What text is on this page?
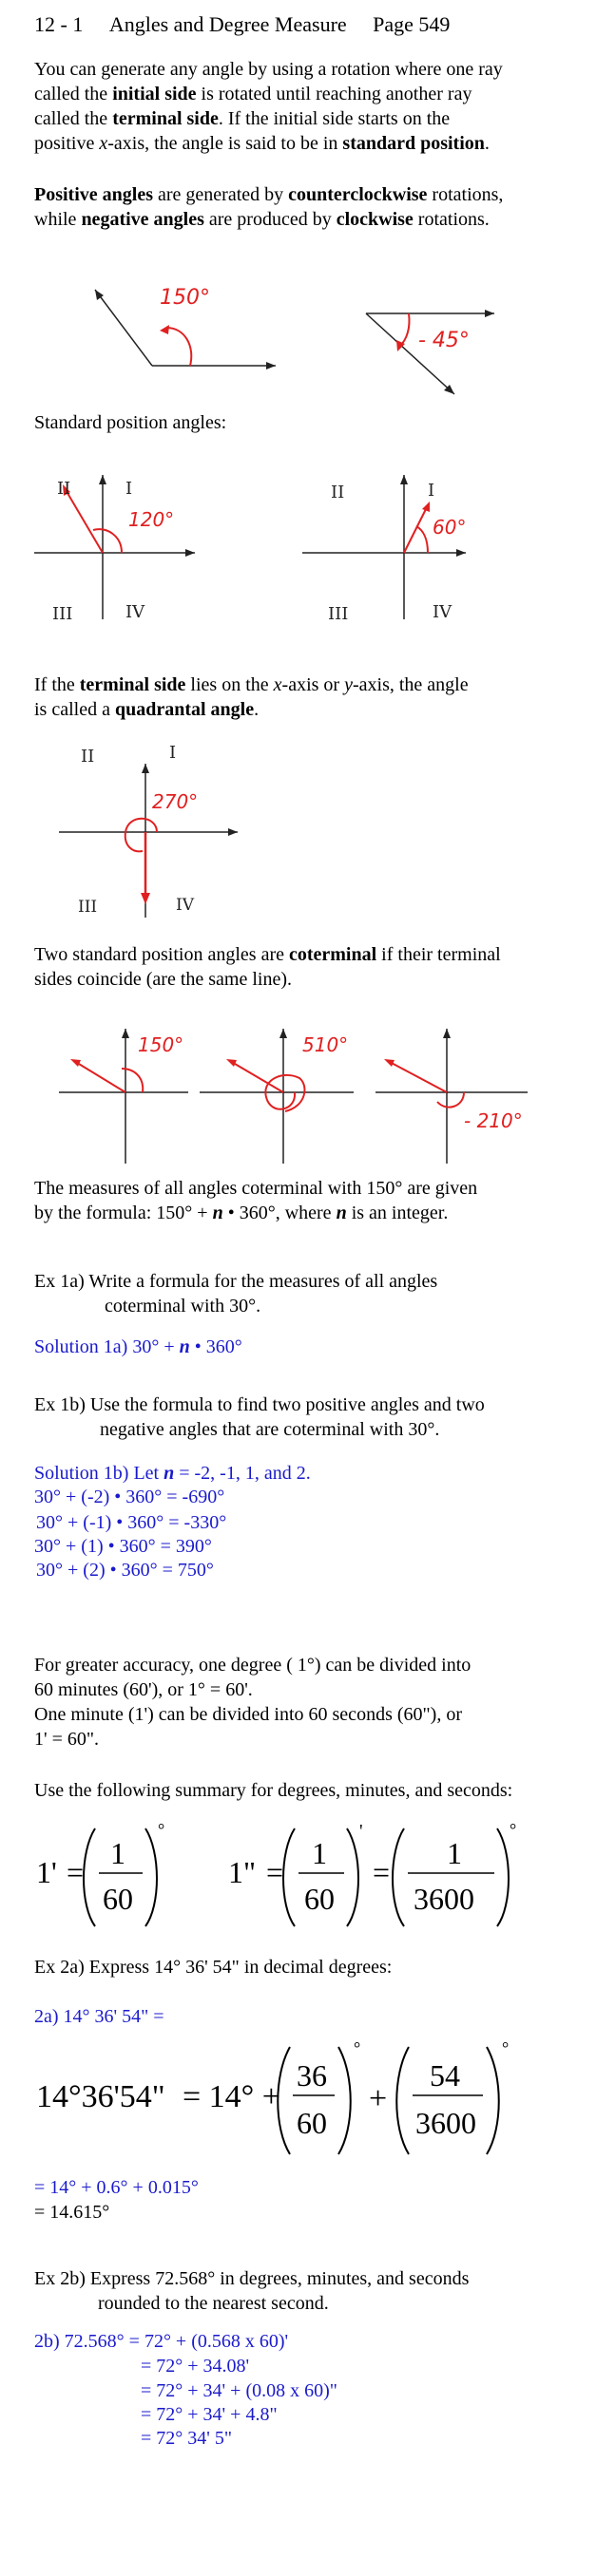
12 - 1 Angles and Degree Measure Page 549
You can generate any angle by using a rotation where one ray
called the initial side is rotated until reaching another ray
called the terminal side. If the initial side starts on the
positive x-axis, the angle is said to be in standard position.
Positive angles are generated by counterclockwise rotations,
while negative angles are produced by clockwise rotations.
150°
- 45°
Standard position angles:
II	I
III	IV
120°
II	I
III	IV
60°
If the terminal side lies on the x-axis or y-axis, the angle
is called a quadrantal angle.
II	I
III	IV
270°
Two standard position angles are coterminal if their terminal
sides coincide (are the same line).
150°	510°
- 210°
The measures of all angles coterminal with 150° are given
by the formula: 150° + n • 360°, where n is an integer.
Ex 1a) Write a formula for the measures of all angles
coterminal with 30°.
Solution 1a) 30° + n • 360°
Ex 1b) Use the formula to find two positive angles and two
negative angles that are coterminal with 30°.
Solution 1b) Let n = -2, -1, 1, and 2.
30° + (-2) • 360° = -690°
30° + (-1) • 360° = -330°
30° + (1) • 360° = 390°
30° + (2) • 360° = 750°
For greater accuracy, one degree ( 1°) can be divided into
60 minutes (60'), or 1° = 60'.
One minute (1') can be divided into 60 seconds (60"), or
1' = 60".
Use the following summary for degrees, minutes, and seconds:
1' =
1
60
°
1" =
1
60
'
=
1
3600
°
Ex 2a) Express 14° 36' 54" in decimal degrees:
2a) 14° 36' 54" =
14°36'54" = 14° +
36
60
°
+
54
3600
°
= 14° + 0.6° + 0.015°
= 14.615°
Ex 2b) Express 72.568° in degrees, minutes, and seconds
rounded to the nearest second.
2b) 72.568° = 72° + (0.568 x 60)'
= 72° + 34.08'
= 72° + 34' + (0.08 x 60)"
= 72° + 34' + 4.8"
= 72° 34' 5"
